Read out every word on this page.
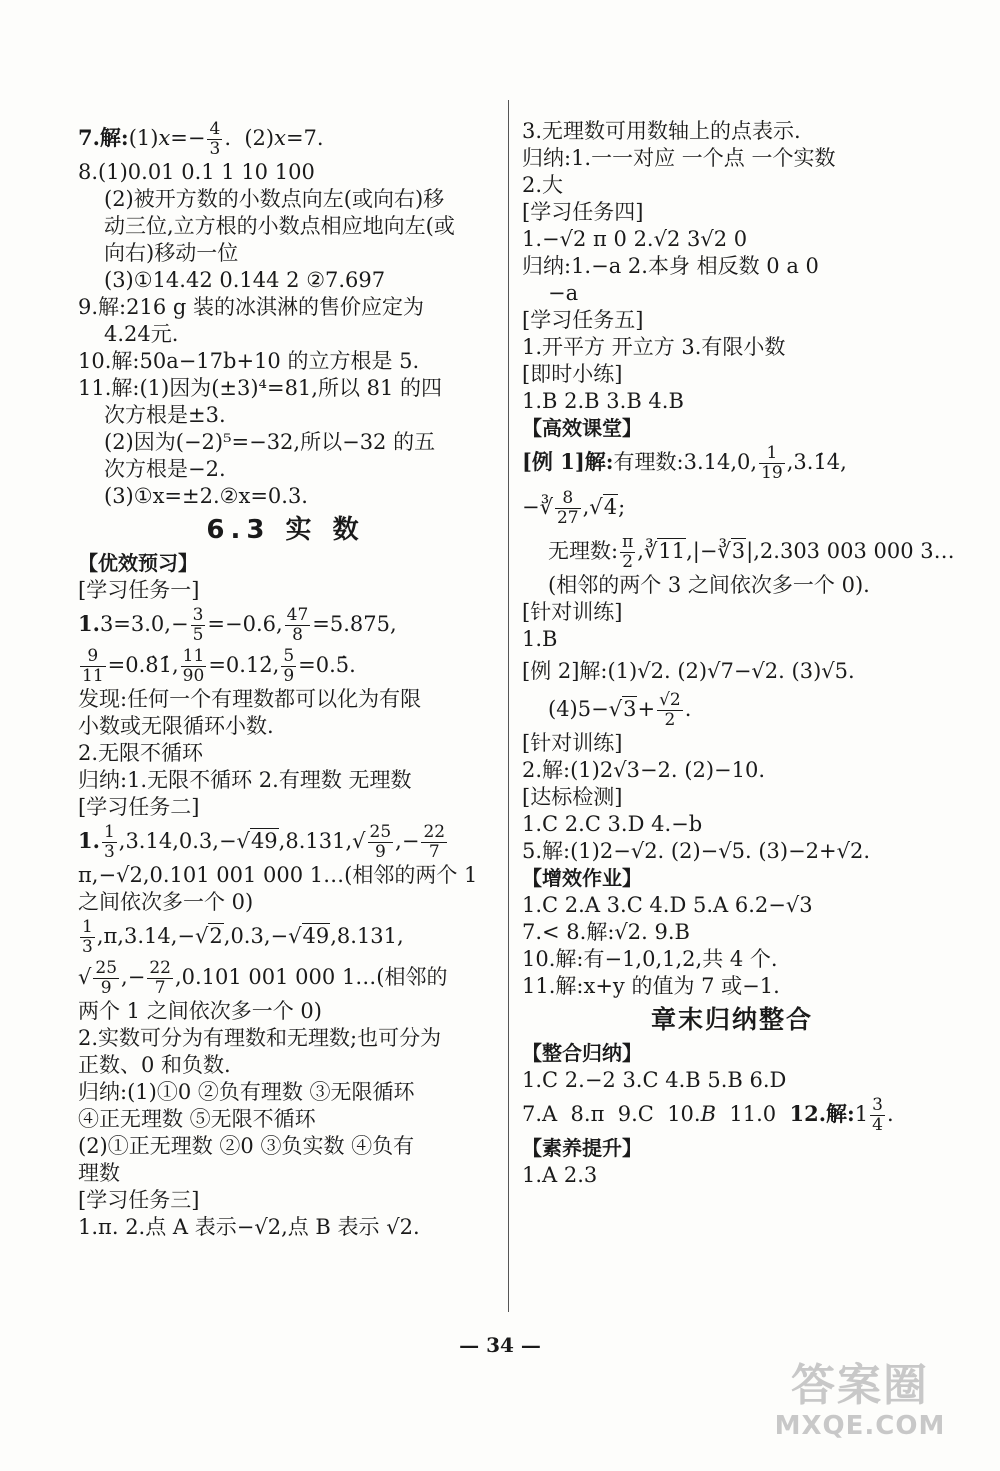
7.解:(1)x=− $\frac{4}{3}$ .  (2)x=7.
8.(1)0.01 0.1 1 10 100
(2)被开方数的小数点向左(或向右)移
动三位,立方根的小数点相应地向左(或
向右)移动一位
(3)①14.42 0.144 2 ②7.697
9.解:216 g 装的冰淇淋的售价应定为
4.24元.
10.解:50a−17b+10 的立方根是 5.
11.解:(1)因为(±3)⁴=81,所以 81 的四
次方根是±3.
(2)因为(−2)⁵=−32,所以−32 的五
次方根是−2.
(3)①x=±2.②x=0.3.
6.3 实 数
【优效预习】
[学习任务一]
$1.3=3.0,- \frac{3}{5} =-0.6$, $\frac{47}{8} =5.875$,
$\frac{9}{11}$ =0.8̇1̇, $\frac{11}{90}$ =0.12̇, $\frac{5}{9}$ =0.5̇.
发现:任何一个有理数都可以化为有限
小数或无限循环小数.
2.无限不循环
归纳:1.无限不循环 2.有理数 无理数
[学习任务二]
1. $\frac{1}{3} ,3.14,0.3,-√49,8.131,√ \frac{25}{9}$ ,− $\frac{22}{7}$
π,−√2,0.101 001 000 1…(相邻的两个 1
之间依次多一个 0)
$\frac{1}{3} ,\pi,3.14,-√2,0.3,-√49,8.131$,
√ $\frac{25}{9}$ ,− $\frac{22}{7} ,0.101$ 001 000 1…(相邻的
两个 1 之间依次多一个 0)
2.实数可分为有理数和无理数;也可分为
正数、0 和负数.
归纳:(1)①0 ②负有理数 ③无限循环
④正无理数 ⑤无限不循环
(2)①正无理数 ②0 ③负实数 ④负有
理数
[学习任务三]
1.π. 2.点 A 表示−√2,点 B 表示 √2.
3.无理数可用数轴上的点表示.
归纳:1.一一对应 一个点 一个实数
2.大
[学习任务四]
1.−√2 π 0 2.√2 3√2 0
归纳:1.−a 2.本身 相反数 0 a 0
−a
[学习任务五]
1.开平方 开立方 3.有限小数
[即时小练]
1.B 2.B 3.B 4.B
【高效课堂】
[例 1]解:有理数:3.14,0, $\frac{1}{19}$ ,3.1̇4̇,
−∛ $\frac{8}{27} ,√4$;
无理数: $\frac{\pi}{2}$ ,∛11,|−∛3|,2.303 003 000 3…
(相邻的两个 3 之间依次多一个 0).
[针对训练]
1.B
[例 2]解:(1)√2. (2)√7−√2. (3)√5.
$(4)5-√3+ \frac{√2}{2}$ .
[针对训练]
2.解:(1)2√3−2. (2)−10.
[达标检测]
1.C 2.C 3.D 4.−b
5.解:(1)2−√2. (2)−√5. (3)−2+√2.
【增效作业】
1.C 2.A 3.C 4.D 5.A 6.2−√3
7.< 8.解:√2. 9.B
10.解:有−1,0,1,2,共 4 个.
11.解:x+y 的值为 7 或−1.
章末归纳整合
【整合归纳】
1.C 2.−2 3.C 4.B 5.B 6.D
7.A  8.π  9.C  10.B  11.0  12.解:1 $\frac{3}{4}$ .
【素养提升】
1.A 2.3
— 34 —
答案圈
MXQE.COM
